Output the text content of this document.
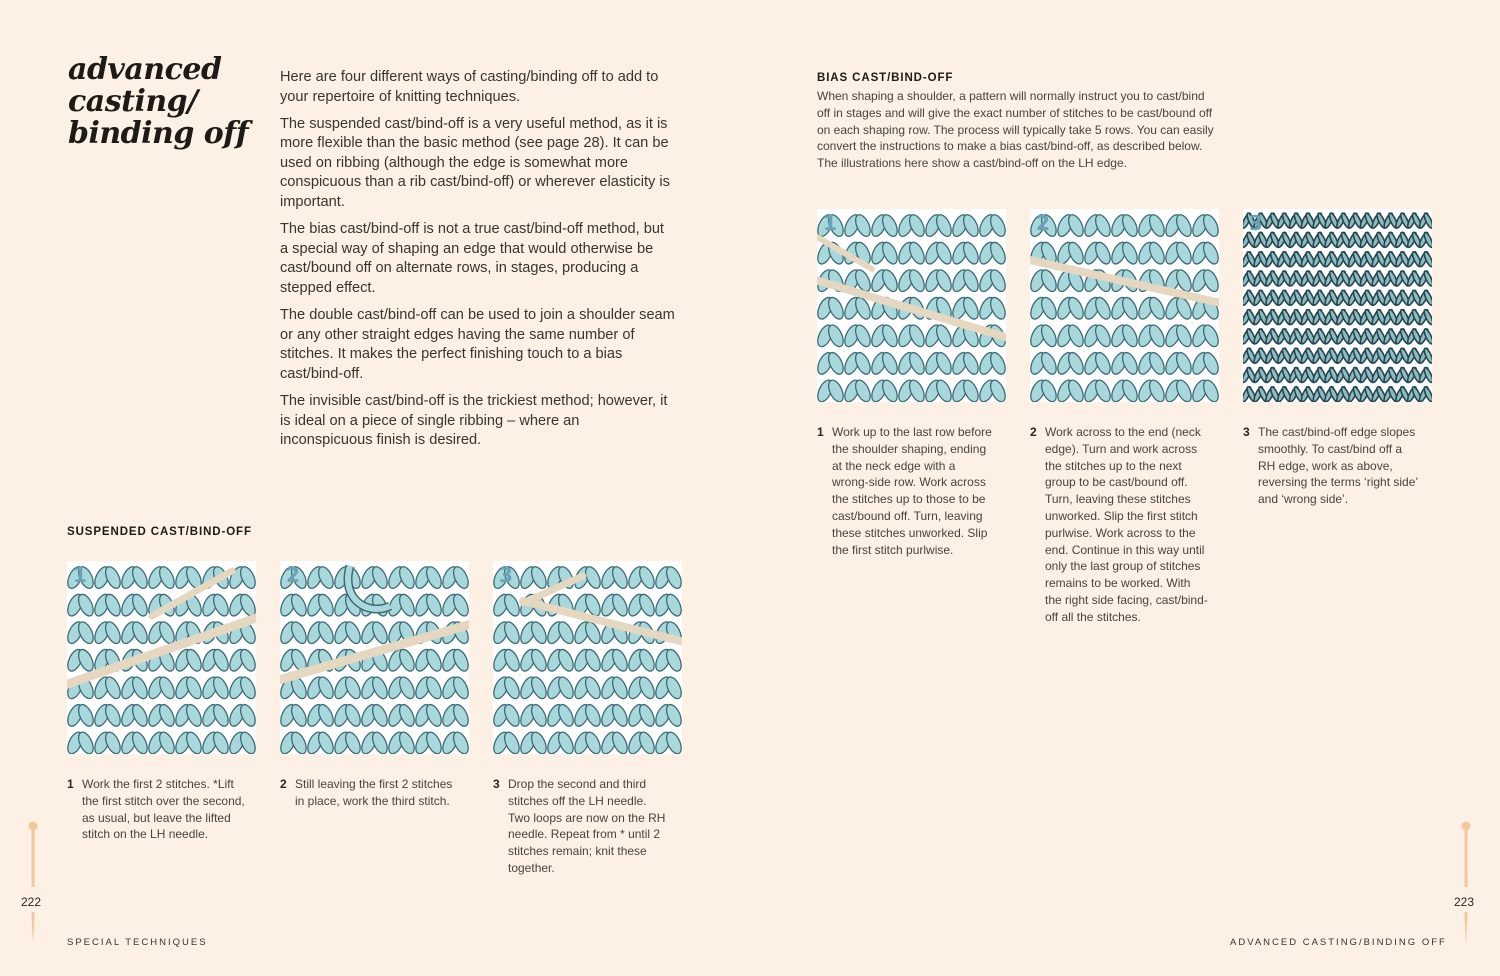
advanced
casting/
binding off

Here are four different ways of casting/binding off to add to your repertoire of knitting techniques.

The suspended cast/bind-off is a very useful method, as it is more flexible than the basic method (see page 28). It can be used on ribbing (although the edge is somewhat more conspicuous than a rib cast/bind-off) or wherever elasticity is important.

The bias cast/bind-off is not a true cast/bind-off method, but a special way of shaping an edge that would otherwise be cast/bound off on alternate rows, in stages, producing a stepped effect.

The double cast/bind-off can be used to join a shoulder seam or any other straight edges having the same number of stitches. It makes the perfect finishing touch to a bias cast/bind-off.

The invisible cast/bind-off is the trickiest method; however, it is ideal on a piece of single ribbing – where an inconspicuous finish is desired.

SUSPENDED CAST/BIND-OFF
1	2	3
1 Work the first 2 stitches. *Lift the first stitch over the second, as usual, but leave the lifted stitch on the LH needle.
2 Still leaving the first 2 stitches in place, work the third stitch.
3 Drop the second and third stitches off the LH needle. Two loops are now on the RH needle. Repeat from * until 2 stitches remain; knit these together.
BIAS CAST/BIND-OFF
When shaping a shoulder, a pattern will normally instruct you to cast/bind off in stages and will give the exact number of stitches to be cast/bound off on each shaping row. The process will typically take 5 rows. You can easily convert the instructions to make a bias cast/bind-off, as described below. The illustrations here show a cast/bind-off on the LH edge.
1	2	3
1 Work up to the last row before the shoulder shaping, ending at the neck edge with a wrong-side row. Work across the stitches up to those to be cast/bound off. Turn, leaving these stitches unworked. Slip the first stitch purlwise.
2 Work across to the end (neck edge). Turn and work across the stitches up to the next group to be cast/bound off. Turn, leaving these stitches unworked. Slip the first stitch purlwise. Work across to the end. Continue in this way until only the last group of stitches remains to be worked. With the right side facing, cast/bind-off all the stitches.
3 The cast/bind-off edge slopes smoothly. To cast/bind off a RH edge, work as above, reversing the terms ‘right side’ and ‘wrong side’.
222	223
SPECIAL TECHNIQUES	ADVANCED CASTING/BINDING OFF
